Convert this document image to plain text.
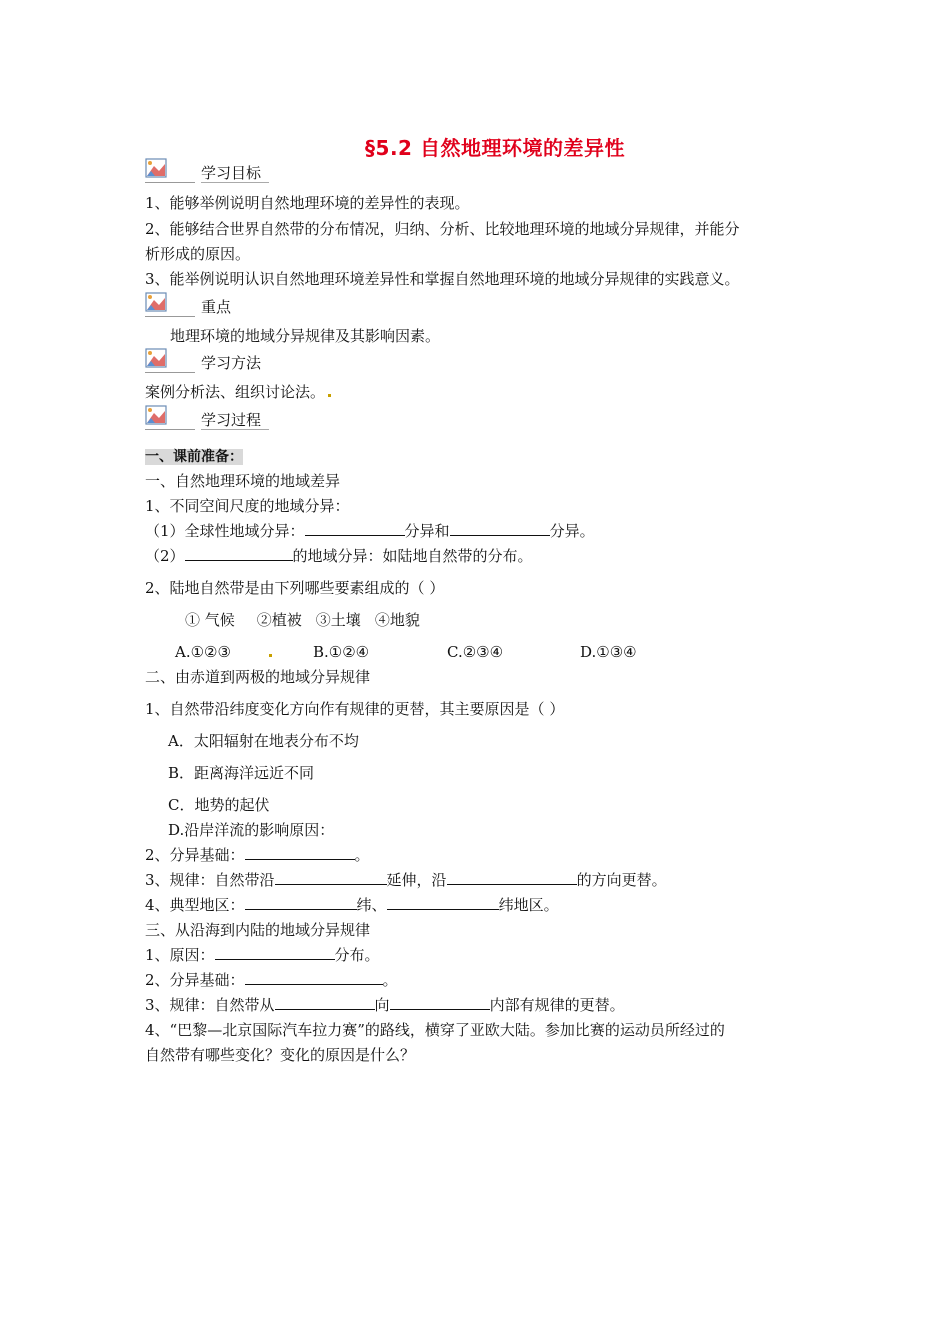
§5.2 自然地理环境的差异性
学习目标
1、能够举例说明自然地理环境的差异性的表现。
2、能够结合世界自然带的分布情况，归纳、分析、比较地理环境的地域分异规律，并能分
析形成的原因。
3、能举例说明认识自然地理环境差异性和掌握自然地理环境的地域分异规律的实践意义。
重点
地理环境的地域分异规律及其影响因素。
学习方法
案例分析法、组织讨论法。
学习过程
一、课前准备：
一、自然地理环境的地域差异
1、不同空间尺度的地域分异：
（1）全球性地域分异：	分异和	分异。
（2）	的地域分异：如陆地自然带的分布。
2、陆地自然带是由下列哪些要素组成的（ ）
① 气候 ②植被 ③土壤 ④地貌
A.①②③	B.①②④	C.②③④	D.①③④
二、由赤道到两极的地域分异规律
1、自然带沿纬度变化方向作有规律的更替，其主要原因是（ ）
A．太阳辐射在地表分布不均
B．距离海洋远近不同
C．地势的起伏
D.沿岸洋流的影响原因：
2、分异基础：	。
3、规律：自然带沿	延伸，沿	的方向更替。
4、典型地区：	纬、	纬地区。
三、从沿海到内陆的地域分异规律
1、原因：	分布。
2、分异基础：	。
3、规律：自然带从	向	内部有规律的更替。
4、“巴黎—北京国际汽车拉力赛”的路线，横穿了亚欧大陆。参加比赛的运动员所经过的
自然带有哪些变化？变化的原因是什么？
